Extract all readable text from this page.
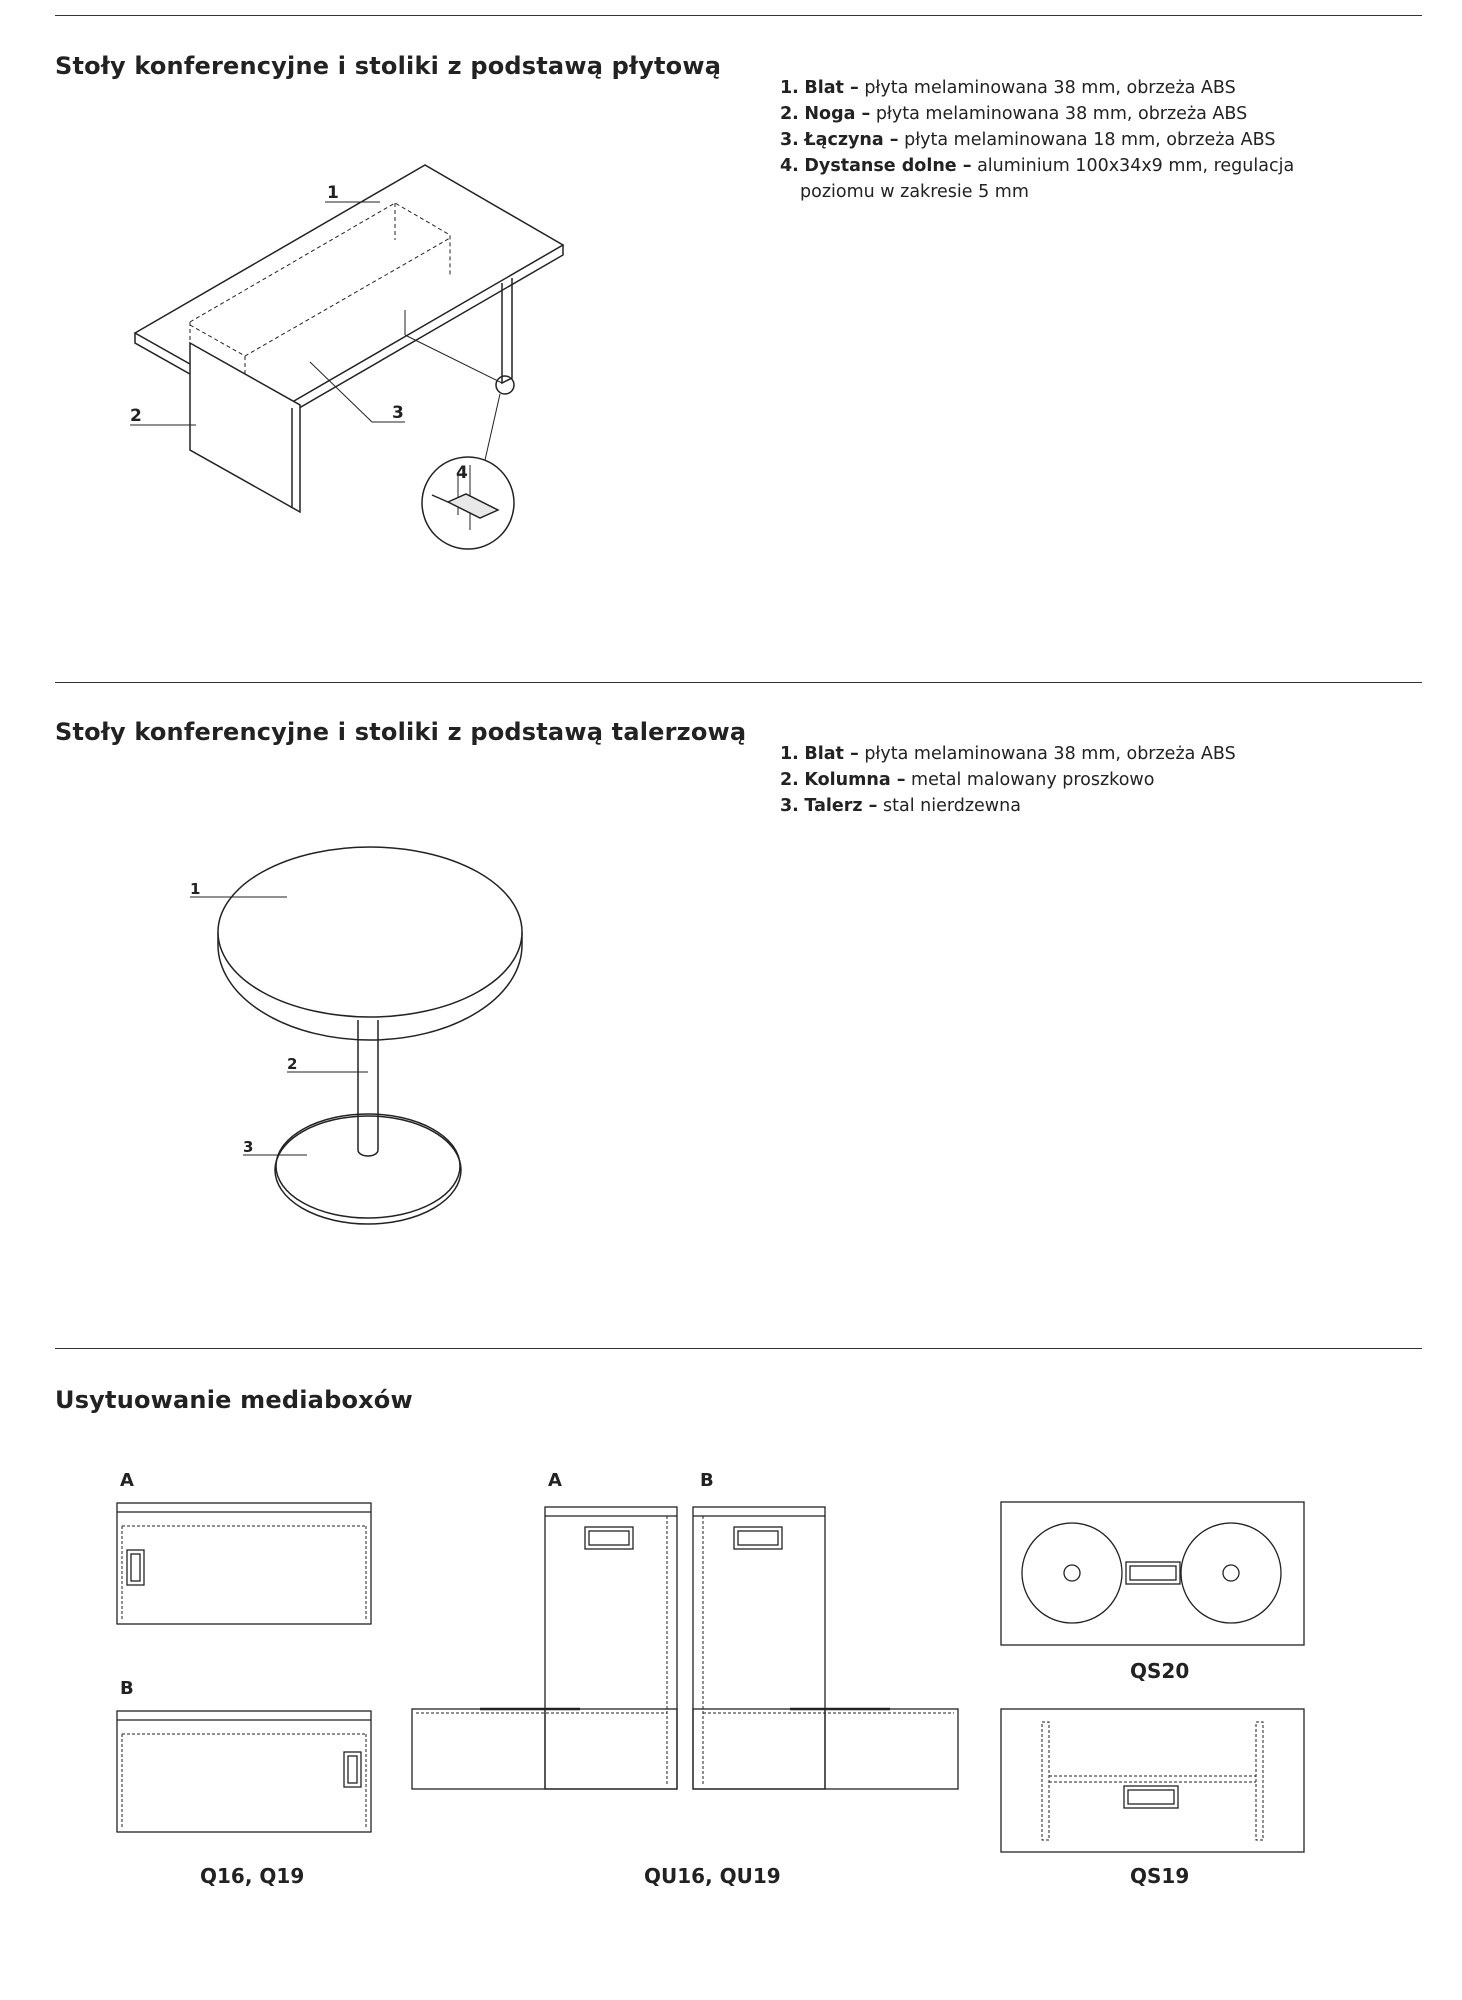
Stoły konferencyjne i stoliki z podstawą płytową
1. Blat – płyta melaminowana 38 mm, obrzeża ABS
2. Noga – płyta melaminowana 38 mm, obrzeża ABS
3. Łączyna – płyta melaminowana 18 mm, obrzeża ABS
4. Dystanse dolne – aluminium 100x34x9 mm, regulacja poziomu w zakresie 5 mm
1
2	3
4
Stoły konferencyjne i stoliki z podstawą talerzową
1. Blat – płyta melaminowana 38 mm, obrzeża ABS
2. Kolumna – metal malowany proszkowo
3. Talerz – stal nierdzewna
1
2
3
Usytuowanie mediaboxów
A
B
A	B
Q16, Q19	QU16, QU19
QS20
QS19
